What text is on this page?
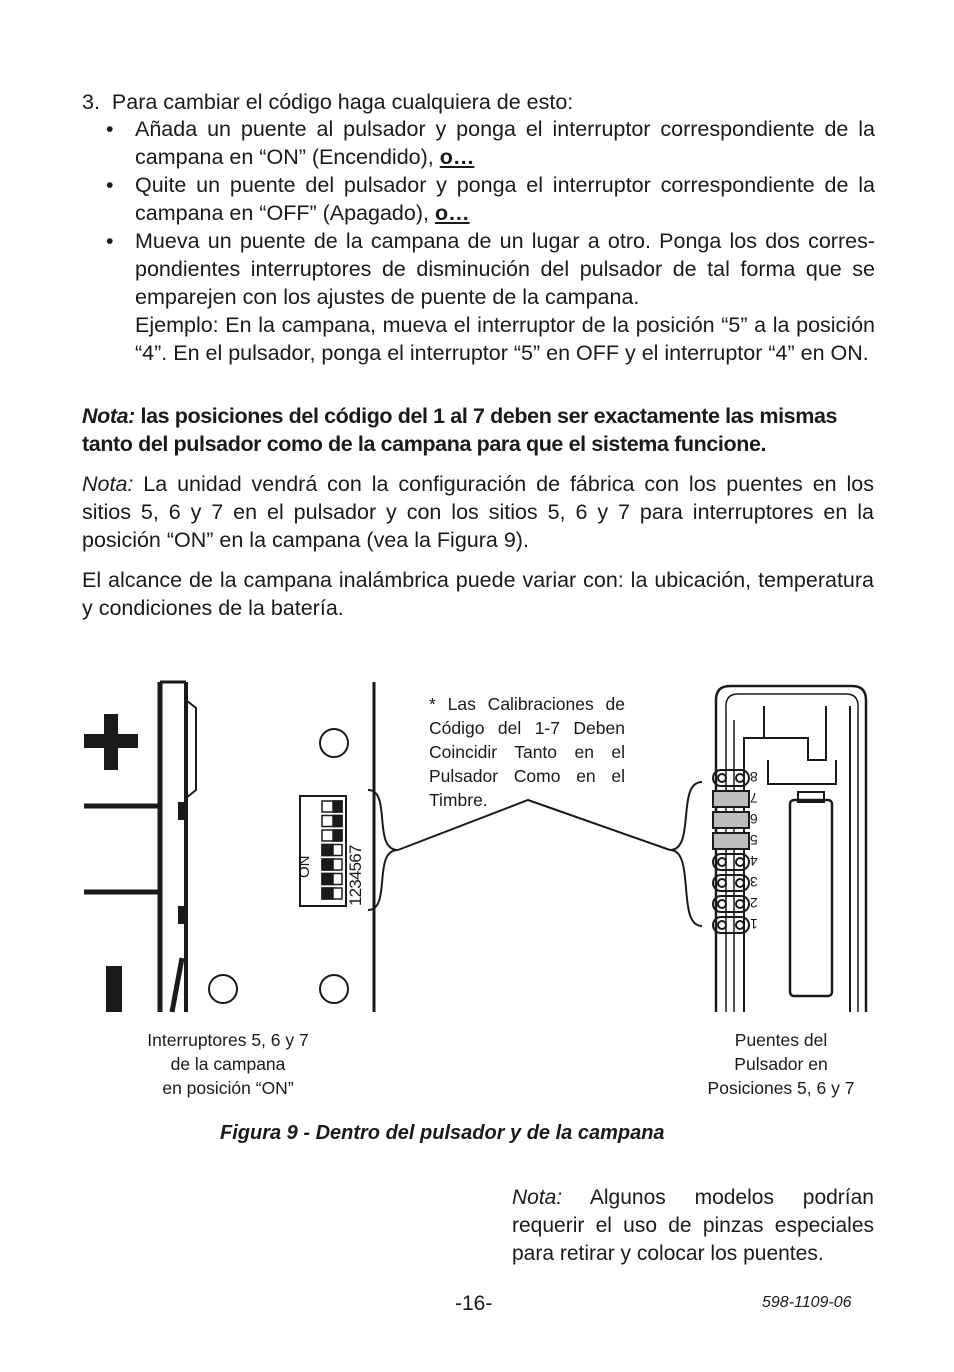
3. Para cambiar el código haga cualquiera de esto:
• Añada un puente al pulsador y ponga el interruptor correspondiente de la campana en “ON” (Encendido), o…
• Quite un puente del pulsador y ponga el interruptor correspondiente de la campana en “OFF” (Apagado), o…
• Mueva un puente de la campana de un lugar a otro. Ponga los dos correspondientes interruptores de disminución del pulsador de tal forma que se emparejen con los ajustes de puente de la campana.
Ejemplo: En la campana, mueva el interruptor de la posición “5” a la posición “4”. En el pulsador, ponga el interruptor “5” en OFF y el interruptor “4” en ON.
Nota: las posiciones del código del 1 al 7 deben ser exactamente las mismas tanto del pulsador como de la campana para que el sistema funcione.
Nota: La unidad vendrá con la configuración de fábrica con los puentes en los sitios 5, 6 y 7 en el pulsador y con los sitios 5, 6 y 7 para interruptores en la posición “ON” en la campana (vea la Figura 9).
El alcance de la campana inalámbrica puede variar con: la ubicación, temperatura y condiciones de la batería.
ON 1234567
8
7
6
5
4
3
2
1
* Las Calibraciones de Código del 1-7 Deben Coincidir Tanto en el Pulsador Como en el Timbre.
Interruptores 5, 6 y 7
de la campana
en posición “ON”
Puentes del
Pulsador en
Posiciones 5, 6 y 7
Figura 9 - Dentro del pulsador y de la campana
Nota: Algunos modelos podrían requerir el uso de pinzas especiales para retirar y colocar los puentes.
-16-	598-1109-06
